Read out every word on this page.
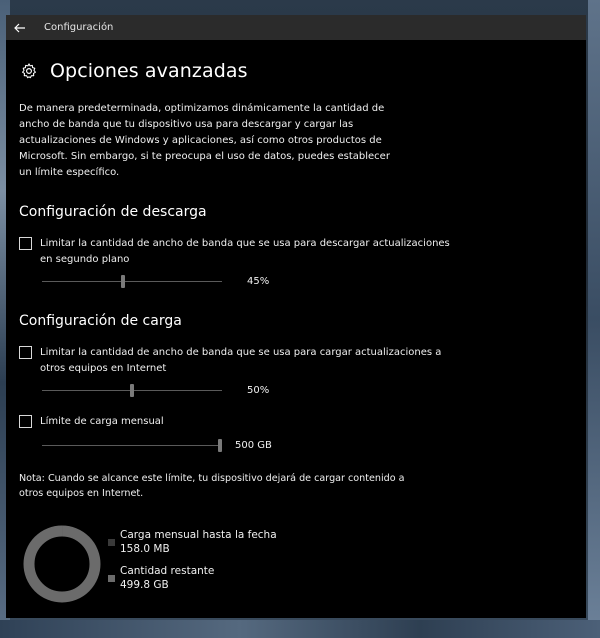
Configuración
Opciones avanzadas
De manera predeterminada, optimizamos dinámicamente la cantidad de ancho de banda que tu dispositivo usa para descargar y cargar las actualizaciones de Windows y aplicaciones, así como otros productos de Microsoft. Sin embargo, si te preocupa el uso de datos, puedes establecer un límite específico.
Configuración de descarga
Limitar la cantidad de ancho de banda que se usa para descargar actualizaciones en segundo plano
45%
Configuración de carga
Limitar la cantidad de ancho de banda que se usa para cargar actualizaciones a otros equipos en Internet
50%
Límite de carga mensual
500 GB
Nota: Cuando se alcance este límite, tu dispositivo dejará de cargar contenido a otros equipos en Internet.
Carga mensual hasta la fecha
158.0 MB
Cantidad restante
499.8 GB
